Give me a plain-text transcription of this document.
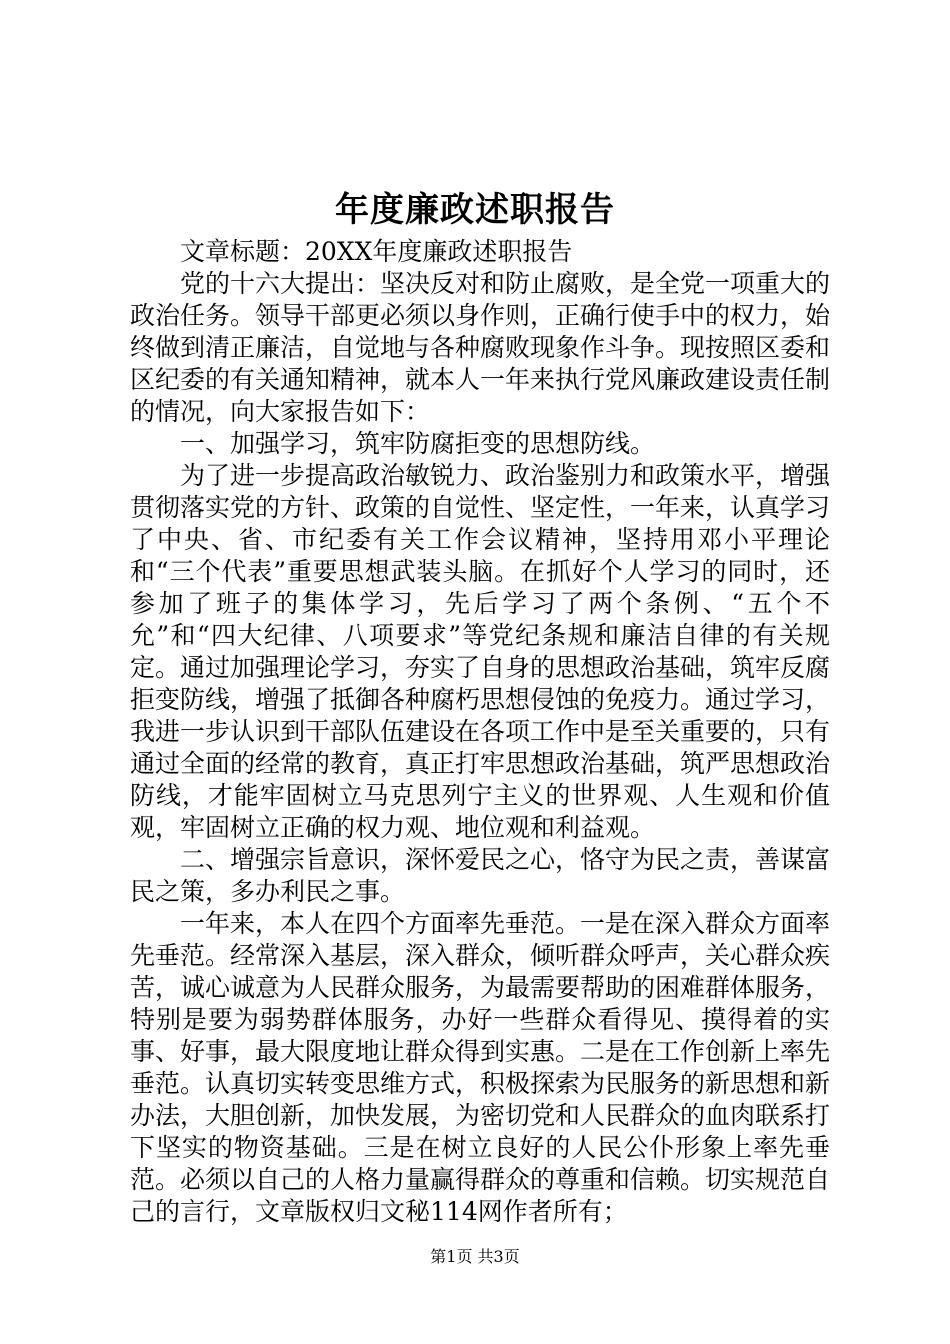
年度廉政述职报告

文章标题：20XX年度廉政述职报告

党的十六大提出：坚决反对和防止腐败，是全党一项重大的政治任务。领导干部更必须以身作则，正确行使手中的权力，始终做到清正廉洁，自觉地与各种腐败现象作斗争。现按照区委和区纪委的有关通知精神，就本人一年来执行党风廉政建设责任制的情况，向大家报告如下：

一、加强学习，筑牢防腐拒变的思想防线。

为了进一步提高政治敏锐力、政治鉴别力和政策水平，增强贯彻落实党的方针、政策的自觉性、坚定性，一年来，认真学习了中央、省、市纪委有关工作会议精神，坚持用邓小平理论和“三个代表”重要思想武装头脑。在抓好个人学习的同时，还参加了班子的集体学习，先后学习了两个条例、“五个不允”和“四大纪律、八项要求”等党纪条规和廉洁自律的有关规定。通过加强理论学习，夯实了自身的思想政治基础，筑牢反腐拒变防线，增强了抵御各种腐朽思想侵蚀的免疫力。通过学习，我进一步认识到干部队伍建设在各项工作中是至关重要的，只有通过全面的经常的教育，真正打牢思想政治基础，筑严思想政治防线，才能牢固树立马克思列宁主义的世界观、人生观和价值观，牢固树立正确的权力观、地位观和利益观。

二、增强宗旨意识，深怀爱民之心，恪守为民之责，善谋富民之策，多办利民之事。

一年来，本人在四个方面率先垂范。一是在深入群众方面率先垂范。经常深入基层，深入群众，倾听群众呼声，关心群众疾苦，诚心诚意为人民群众服务，为最需要帮助的困难群体服务，特别是要为弱势群体服务，办好一些群众看得见、摸得着的实事、好事，最大限度地让群众得到实惠。二是在工作创新上率先垂范。认真切实转变思维方式，积极探索为民服务的新思想和新办法，大胆创新，加快发展，为密切党和人民群众的血肉联系打下坚实的物资基础。三是在树立良好的人民公仆形象上率先垂范。必须以自己的人格力量赢得群众的尊重和信赖。切实规范自己的言行，文章版权归文秘114网作者所有；

第1页 共3页
